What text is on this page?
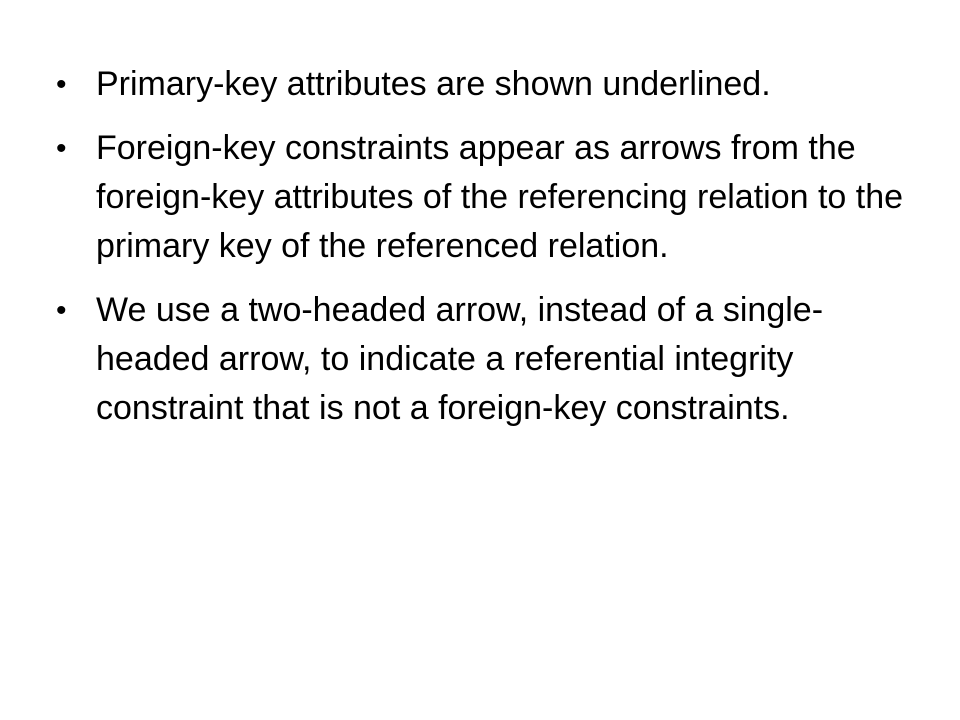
• Primary-key attributes are shown underlined.
• Foreign-key constraints appear as arrows from the foreign-key attributes of the referencing relation to the primary key of the referenced relation.
• We use a two-headed arrow, instead of a single-headed arrow, to indicate a referential integrity constraint that is not a foreign-key constraints.
